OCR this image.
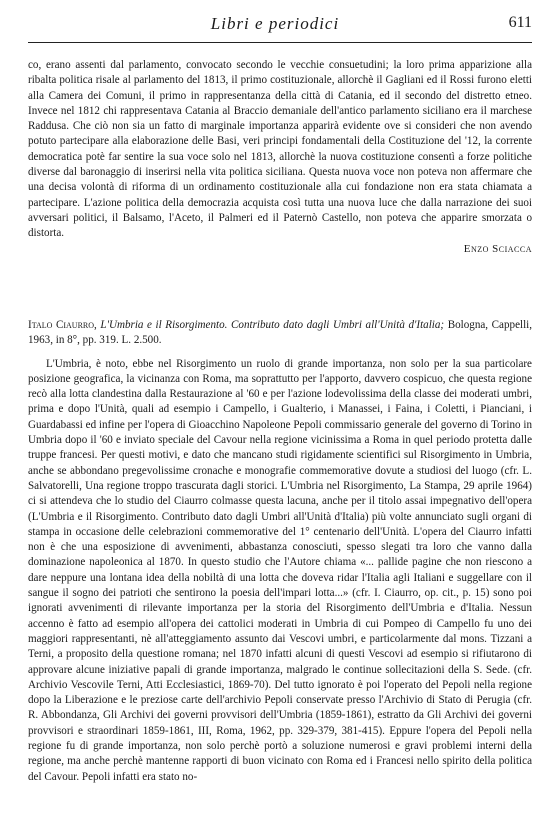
Libri e periodici	611

co, erano assenti dal parlamento, convocato secondo le vecchie consuetudini; la loro prima apparizione alla ribalta politica risale al parlamento del 1813, il primo costituzionale, allorchè il Gagliani ed il Rossi furono eletti alla Camera dei Comuni, il primo in rappresentanza della città di Catania, ed il secondo del distretto etneo. Invece nel 1812 chi rappresentava Catania al Braccio demaniale dell'antico parlamento siciliano era il marchese Raddusa. Che ciò non sia un fatto di marginale importanza apparirà evidente ove si consideri che non avendo potuto partecipare alla elaborazione delle Basi, veri principi fondamentali della Costituzione del '12, la corrente democratica potè far sentire la sua voce solo nel 1813, allorchè la nuova costituzione consentì a forze politiche diverse dal baronaggio di inserirsi nella vita politica siciliana. Questa nuova voce non poteva non affermare che una decisa volontà di riforma di un ordinamento costituzionale alla cui fondazione non era stata chiamata a partecipare. L'azione politica della democrazia acquista così tutta una nuova luce che dalla narrazione dei suoi avversari politici, il Balsamo, l'Aceto, il Palmeri ed il Paternò Castello, non poteva che apparire smorzata o distorta.

Enzo Sciacca

Italo Ciaurro, L'Umbria e il Risorgimento. Contributo dato dagli Umbri all'Unità d'Italia; Bologna, Cappelli, 1963, in 8°, pp. 319. L. 2.500.

L'Umbria, è noto, ebbe nel Risorgimento un ruolo di grande importanza, non solo per la sua particolare posizione geografica, la vicinanza con Roma, ma soprattutto per l'apporto, davvero cospicuo, che questa regione recò alla lotta clandestina dalla Restaurazione al '60 e per l'azione lodevolissima della classe dei moderati umbri, prima e dopo l'Unità, quali ad esempio i Campello, i Gualterio, i Manassei, i Faina, i Coletti, i Pianciani, i Guardabassi ed infine per l'opera di Gioacchino Napoleone Pepoli commissario generale del governo di Torino in Umbria dopo il '60 e inviato speciale del Cavour nella regione vicinissima a Roma in quel periodo protetta dalle truppe francesi. Per questi motivi, e dato che mancano studi rigidamente scientifici sul Risorgimento in Umbria, anche se abbondano pregevolissime cronache e monografie commemorative dovute a studiosi del luogo (cfr. L. Salvatorelli, Una regione troppo trascurata dagli storici. L'Umbria nel Risorgimento, La Stampa, 29 aprile 1964) ci si attendeva che lo studio del Ciaurro colmasse questa lacuna, anche per il titolo assai impegnativo dell'opera (L'Umbria e il Risorgimento. Contributo dato dagli Umbri all'Unità d'Italia) più volte annunciato sugli organi di stampa in occasione delle celebrazioni commemorative del 1° centenario dell'Unità. L'opera del Ciaurro infatti non è che una esposizione di avvenimenti, abbastanza conosciuti, spesso slegati tra loro che vanno dalla dominazione napoleonica al 1870. In questo studio che l'Autore chiama «... pallide pagine che non riescono a dare neppure una lontana idea della nobiltà di una lotta che doveva ridar l'Italia agli Italiani e suggellare con il sangue il sogno dei patrioti che sentirono la poesia dell'impari lotta...» (cfr. I. Ciaurro, op. cit., p. 15) sono poi ignorati avvenimenti di rilevante importanza per la storia del Risorgimento dell'Umbria e d'Italia. Nessun accenno è fatto ad esempio all'opera dei cattolici moderati in Umbria di cui Pompeo di Campello fu uno dei maggiori rappresentanti, nè all'atteggiamento assunto dai Vescovi umbri, e particolarmente dal mons. Tizzani a Terni, a proposito della questione romana; nel 1870 infatti alcuni di questi Vescovi ad esempio si rifiutarono di approvare alcune iniziative papali di grande importanza, malgrado le continue sollecitazioni della S. Sede. (cfr. Archivio Vescovile Terni, Atti Ecclesiastici, 1869-70). Del tutto ignorato è poi l'operato del Pepoli nella regione dopo la Liberazione e le preziose carte dell'archivio Pepoli conservate presso l'Archivio di Stato di Perugia (cfr. R. Abbondanza, Gli Archivi dei governi provvisori dell'Umbria (1859-1861), estratto da Gli Archivi dei governi provvisori e straordinari 1859-1861, III, Roma, 1962, pp. 329-379, 381-415). Eppure l'opera del Pepoli nella regione fu di grande importanza, non solo perchè portò a soluzione numerosi e gravi problemi interni della regione, ma anche perchè mantenne rapporti di buon vicinato con Roma ed i Francesi nello spirito della politica del Cavour. Pepoli infatti era stato no-
